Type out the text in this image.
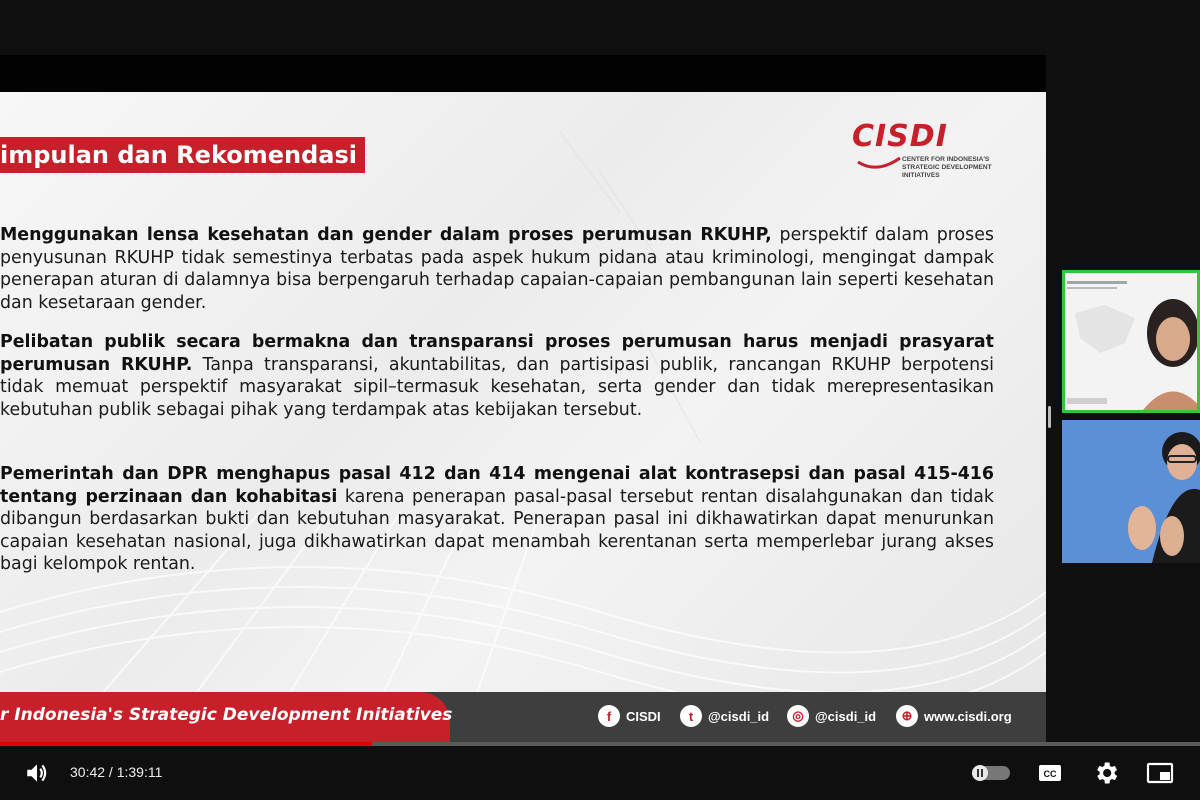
impulan dan Rekomendasi
CISDI
CENTER FOR INDONESIA'S STRATEGIC DEVELOPMENT INITIATIVES
Menggunakan lensa kesehatan dan gender dalam proses perumusan RKUHP, perspektif dalam proses penyusunan RKUHP tidak semestinya terbatas pada aspek hukum pidana atau kriminologi, mengingat dampak penerapan aturan di dalamnya bisa berpengaruh terhadap capaian-capaian pembangunan lain seperti kesehatan dan kesetaraan gender.
Pelibatan publik secara bermakna dan transparansi proses perumusan harus menjadi prasyarat perumusan RKUHP. Tanpa transparansi, akuntabilitas, dan partisipasi publik, rancangan RKUHP berpotensi tidak memuat perspektif masyarakat sipil–termasuk kesehatan, serta gender dan tidak merepresentasikan kebutuhan publik sebagai pihak yang terdampak atas kebijakan tersebut.
Pemerintah dan DPR menghapus pasal 412 dan 414 mengenai alat kontrasepsi dan pasal 415-416 tentang perzinaan dan kohabitasi karena penerapan pasal-pasal tersebut rentan disalahgunakan dan tidak dibangun berdasarkan bukti dan kebutuhan masyarakat. Penerapan pasal ini dikhawatirkan dapat menurunkan capaian kesehatan nasional, juga dikhawatirkan dapat menambah kerentanan serta memperlebar jurang akses bagi kelompok rentan.
r Indonesia's Strategic Development Initiatives	f	CISDI	t	@cisdi_id	◎ @cisdi_id	⊕ www.cisdi.org
30:42 / 1:39:11	CC
